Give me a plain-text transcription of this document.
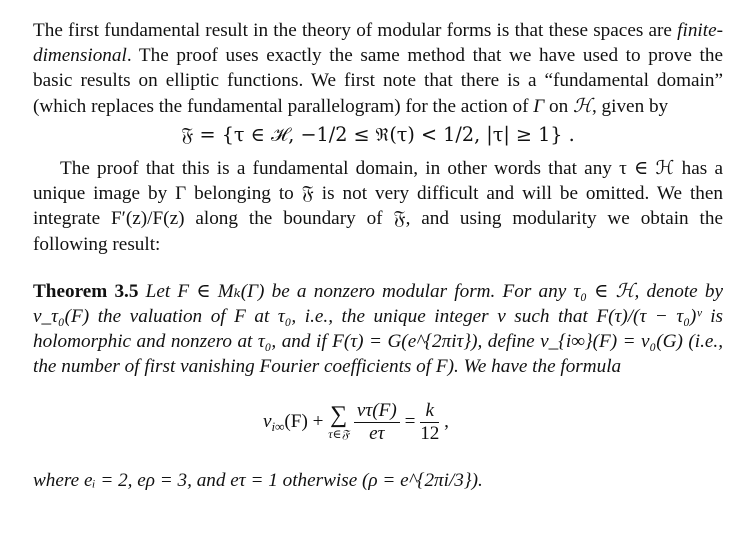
The first fundamental result in the theory of modular forms is that these spaces are finite-dimensional. The proof uses exactly the same method that we have used to prove the basic results on elliptic functions. We first note that there is a “fundamental domain” (which replaces the fundamental parallelogram) for the action of Γ on ℋ, given by

𝔉 = {τ ∈ ℋ, −1/2 ≤ ℜ(τ) < 1/2, |τ| ≥ 1} .

The proof that this is a fundamental domain, in other words that any τ ∈ ℋ has a unique image by Γ belonging to 𝔉 is not very difficult and will be omitted. We then integrate F′(z)/F(z) along the boundary of 𝔉, and using modularity we obtain the following result:

Theorem 3.5 Let F ∈ Mₖ(Γ) be a nonzero modular form. For any τ₀ ∈ ℋ, denote by v_τ₀(F) the valuation of F at τ₀, i.e., the unique integer v such that F(τ)/(τ − τ₀)ᵛ is holomorphic and nonzero at τ₀, and if F(τ) = G(e^{2πiτ}), define v_{i∞}(F) = v₀(G) (i.e., the number of first vanishing Fourier coefficients of F). We have the formula
$v_{i\infty}(F)$ + ∑
τ∈𝔉
$\frac{v\tau(F)}{e\tau} = \frac{k}{12}$ ,
where eᵢ = 2, eρ = 3, and eτ = 1 otherwise (ρ = e^{2πi/3}).
